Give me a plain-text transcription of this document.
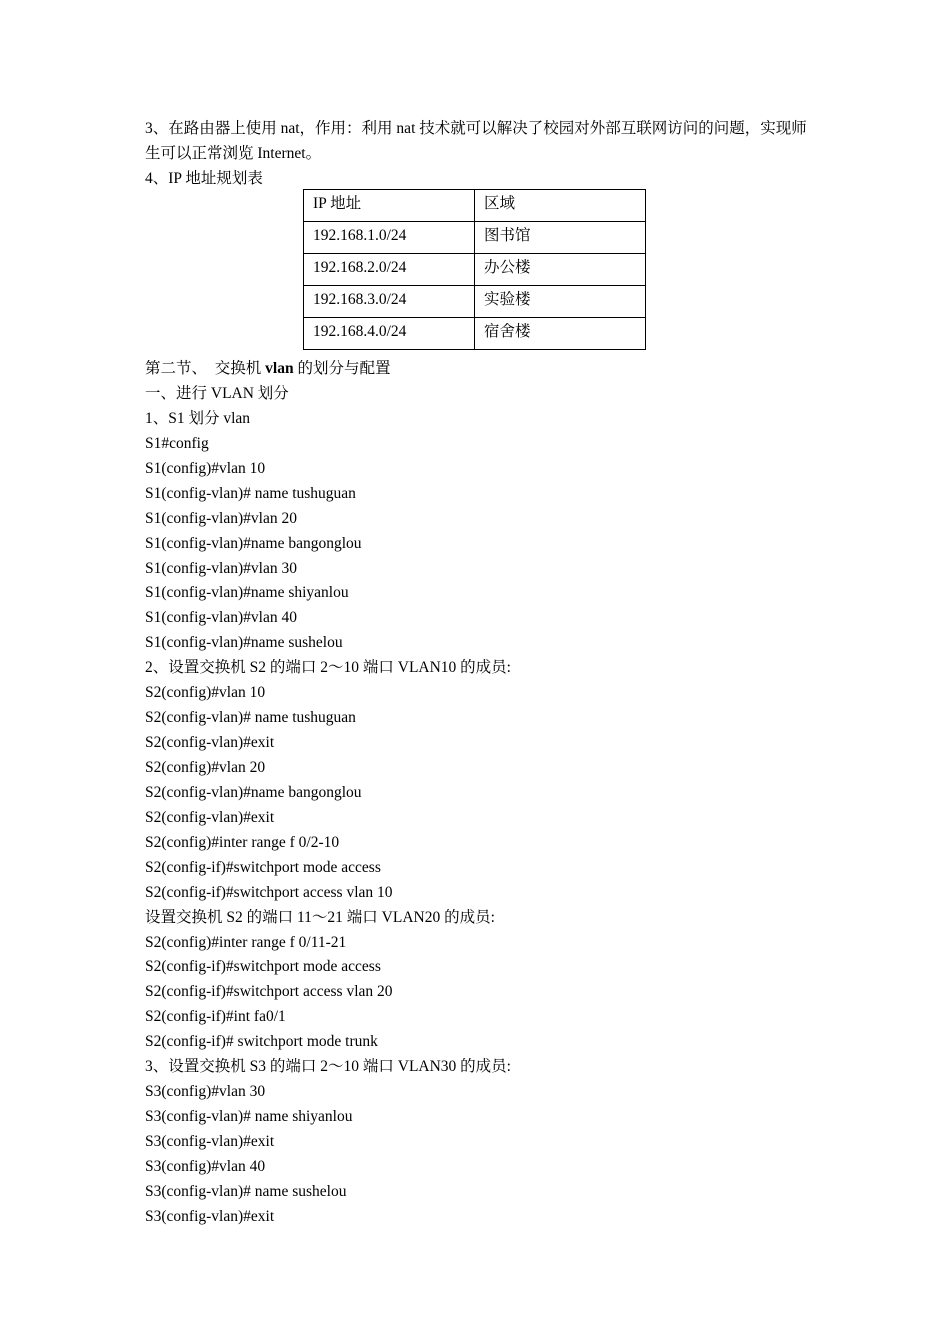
3、在路由器上使用 nat，作用：利用 nat 技术就可以解决了校园对外部互联网访问的问题，实现师生可以正常浏览 Internet。
4、IP 地址规划表
IP 地址	区域
192.168.1.0/24	图书馆
192.168.2.0/24	办公楼
192.168.3.0/24	实验楼
192.168.4.0/24	宿舍楼
第二节、  交换机 vlan 的划分与配置
一、进行 VLAN 划分
1、S1 划分 vlan
S1#config
S1(config)#vlan 10
S1(config-vlan)# name tushuguan
S1(config-vlan)#vlan 20
S1(config-vlan)#name bangonglou
S1(config-vlan)#vlan 30
S1(config-vlan)#name shiyanlou
S1(config-vlan)#vlan 40
S1(config-vlan)#name sushelou
2、设置交换机 S2 的端口 2～10 端口 VLAN10 的成员:
S2(config)#vlan 10
S2(config-vlan)# name tushuguan
S2(config-vlan)#exit
S2(config)#vlan 20
S2(config-vlan)#name bangonglou
S2(config-vlan)#exit
S2(config)#inter range f 0/2-10
S2(config-if)#switchport mode access
S2(config-if)#switchport access vlan 10
设置交换机 S2 的端口 11～21 端口 VLAN20 的成员:
S2(config)#inter range f 0/11-21
S2(config-if)#switchport mode access
S2(config-if)#switchport access vlan 20
S2(config-if)#int fa0/1
S2(config-if)# switchport mode trunk
3、设置交换机 S3 的端口 2～10 端口 VLAN30 的成员:
S3(config)#vlan 30
S3(config-vlan)# name shiyanlou
S3(config-vlan)#exit
S3(config)#vlan 40
S3(config-vlan)# name sushelou
S3(config-vlan)#exit
